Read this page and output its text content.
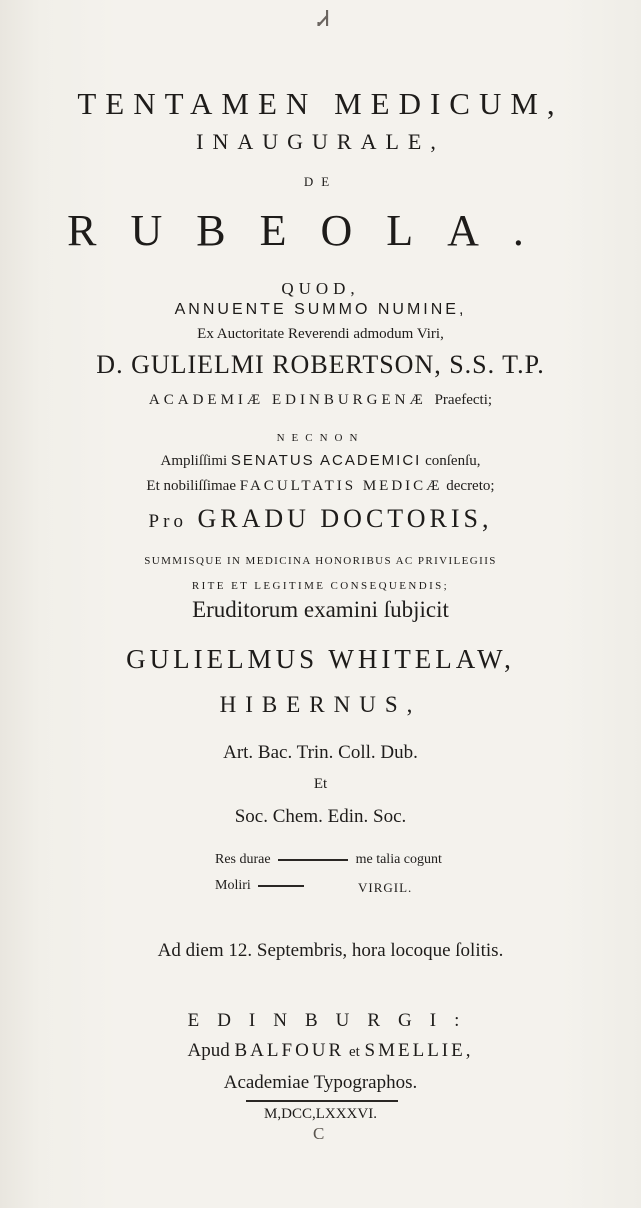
Ꮧ
TENTAMEN MEDICUM,
INAUGURALE,
DE
RUBEOLA.
QUOD,
ANNUENTE SUMMO NUMINE,
Ex Auctoritate Reverendi admodum Viri,
D. GULIELMI ROBERTSON, S.S. T.P.
ACADEMIÆ EDINBURGENÆ Praefecti;
NECNON
Ampliſſimi SENATUS ACADEMICI conſenſu,
Et nobiliſſimae FACULTATIS MEDICÆ decreto;
Pro GRADU DOCTORIS,
SUMMISQUE IN MEDICINA HONORIBUS AC PRIVILEGIIS
RITE ET LEGITIME CONSEQUENDIS;
Eruditorum examini ſubjicit
GULIELMUS WHITELAW,
HIBERNUS,
Art. Bac. Trin. Coll. Dub.
Et
Soc. Chem. Edin. Soc.
Res durae	me talia cogunt
Moliri	VIRGIL.
Ad diem 12. Septembris, hora locoque ſolitis.
EDINBURGI:
Apud BALFOUR et SMELLIE,
Academiae Typographos.
M,DCC,LXXXVI.
C
